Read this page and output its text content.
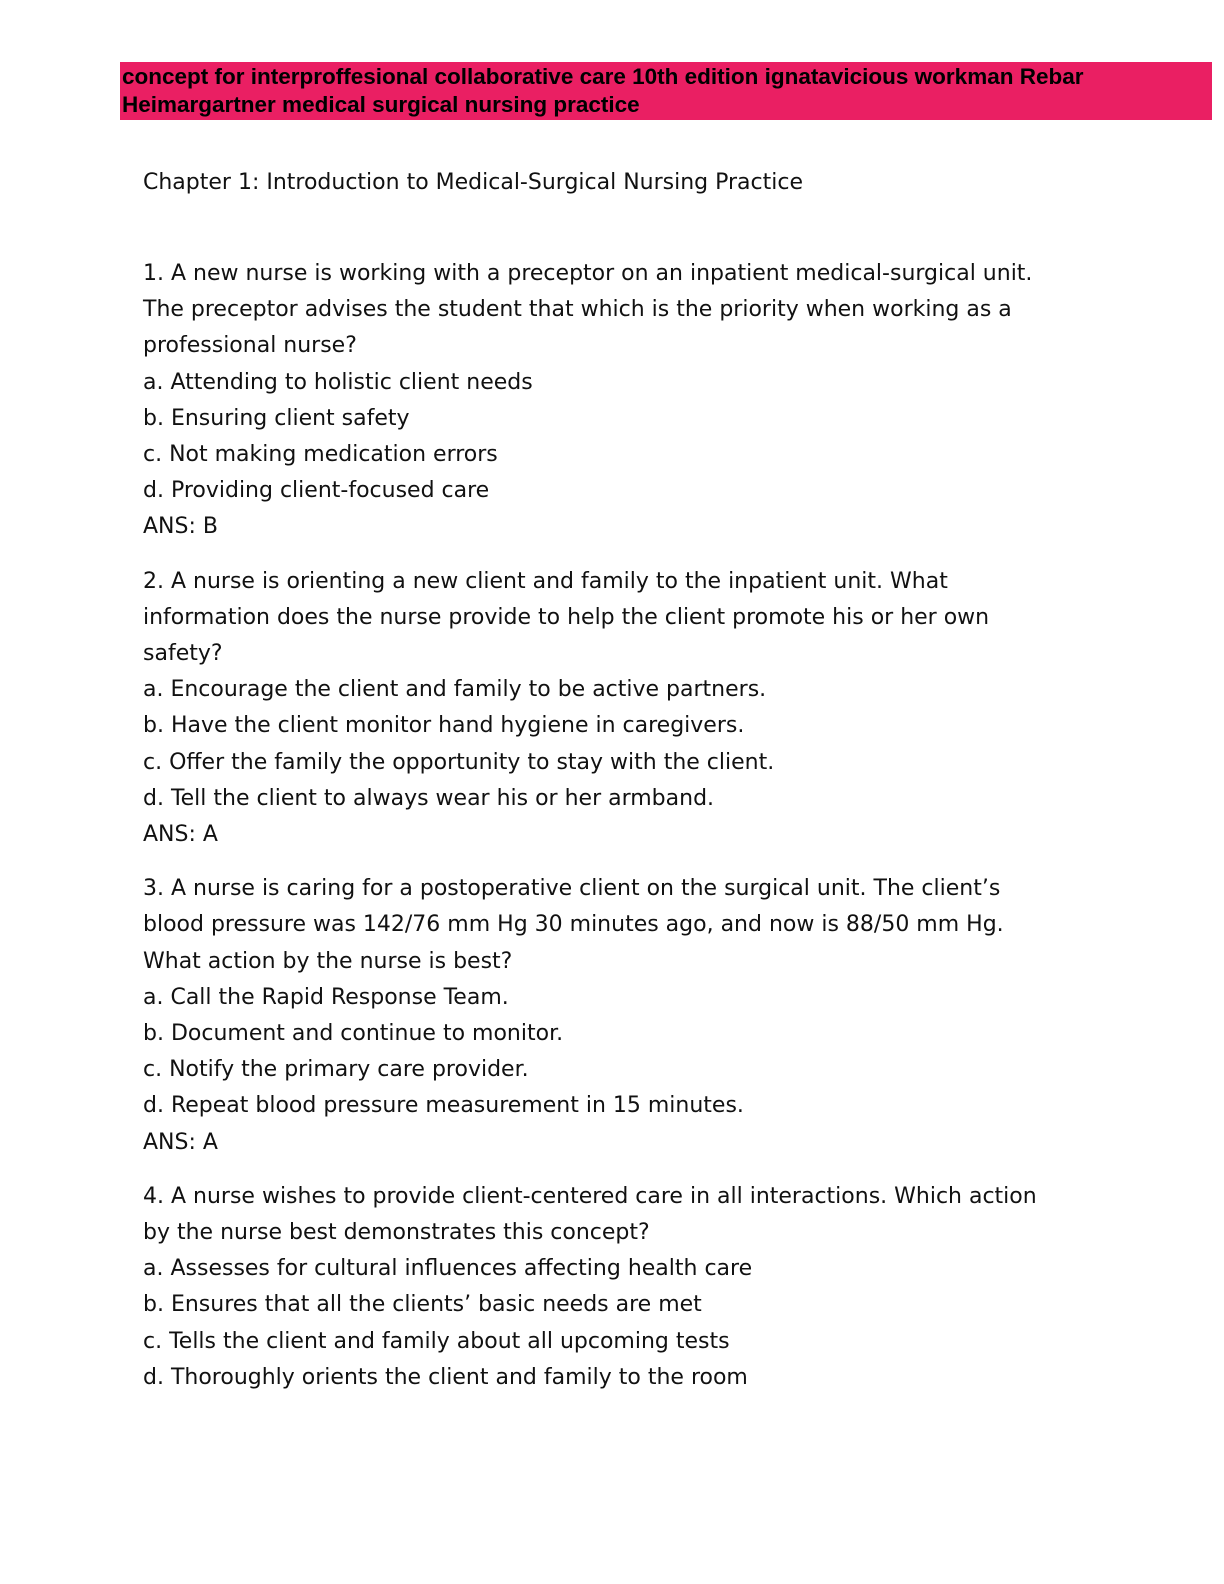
concept for interproffesional collaborative care 10th edition ignatavicious workman Rebar

Heimargartner medical surgical nursing practice

Chapter 1: Introduction to Medical-Surgical Nursing Practice

1. A new nurse is working with a preceptor on an inpatient medical-surgical unit.

The preceptor advises the student that which is the priority when working as a

professional nurse?

a. Attending to holistic client needs

b. Ensuring client safety

c. Not making medication errors

d. Providing client-focused care

ANS: B

2. A nurse is orienting a new client and family to the inpatient unit. What

information does the nurse provide to help the client promote his or her own

safety?

a. Encourage the client and family to be active partners.

b. Have the client monitor hand hygiene in caregivers.

c. Offer the family the opportunity to stay with the client.

d. Tell the client to always wear his or her armband.

ANS: A

3. A nurse is caring for a postoperative client on the surgical unit. The client’s

blood pressure was 142/76 mm Hg 30 minutes ago, and now is 88/50 mm Hg.

What action by the nurse is best?

a. Call the Rapid Response Team.

b. Document and continue to monitor.

c. Notify the primary care provider.

d. Repeat blood pressure measurement in 15 minutes.

ANS: A

4. A nurse wishes to provide client-centered care in all interactions. Which action

by the nurse best demonstrates this concept?

a. Assesses for cultural influences affecting health care

b. Ensures that all the clients’ basic needs are met

c. Tells the client and family about all upcoming tests

d. Thoroughly orients the client and family to the room
